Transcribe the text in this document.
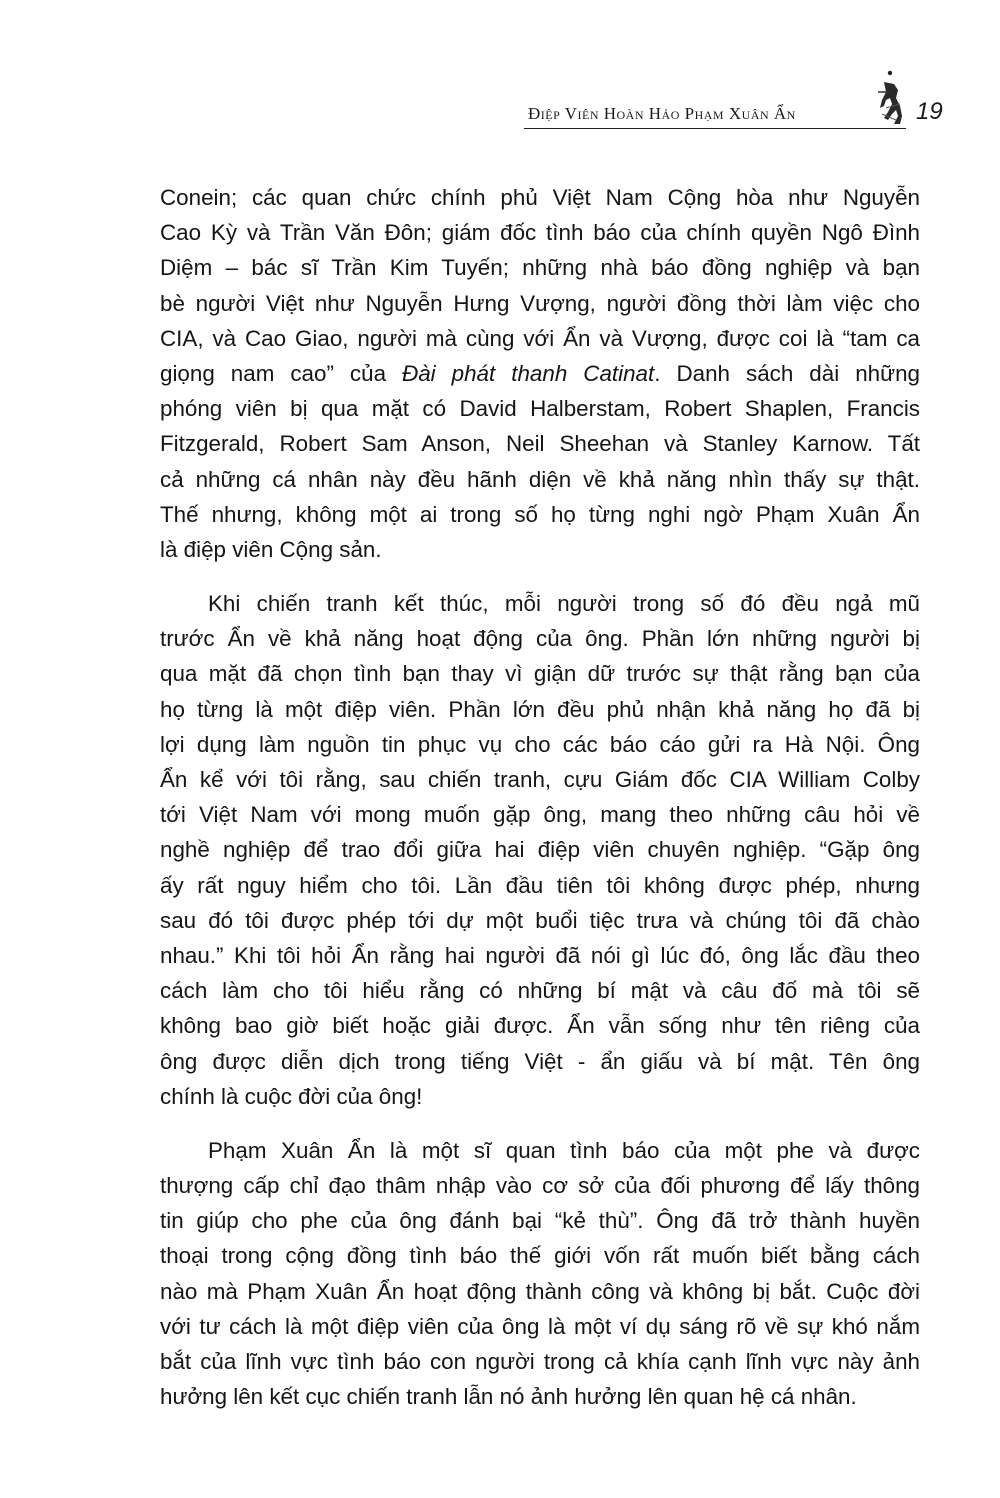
Điệp Viên Hoàn Hảo Phạm Xuân Ẩn	19
Conein; các quan chức chính phủ Việt Nam Cộng hòa như Nguyễn
Cao Kỳ và Trần Văn Đôn; giám đốc tình báo của chính quyền Ngô Đình
Diệm – bác sĩ Trần Kim Tuyến; những nhà báo đồng nghiệp và bạn
bè người Việt như Nguyễn Hưng Vượng, người đồng thời làm việc cho
CIA, và Cao Giao, người mà cùng với Ẩn và Vượng, được coi là “tam ca
giọng nam cao” của Đài phát thanh Catinat. Danh sách dài những
phóng viên bị qua mặt có David Halberstam, Robert Shaplen, Francis
Fitzgerald, Robert Sam Anson, Neil Sheehan và Stanley Karnow. Tất
cả những cá nhân này đều hãnh diện về khả năng nhìn thấy sự thật.
Thế nhưng, không một ai trong số họ từng nghi ngờ Phạm Xuân Ẩn
là điệp viên Cộng sản.
Khi chiến tranh kết thúc, mỗi người trong số đó đều ngả mũ
trước Ẩn về khả năng hoạt động của ông. Phần lớn những người bị
qua mặt đã chọn tình bạn thay vì giận dữ trước sự thật rằng bạn của
họ từng là một điệp viên. Phần lớn đều phủ nhận khả năng họ đã bị
lợi dụng làm nguồn tin phục vụ cho các báo cáo gửi ra Hà Nội. Ông
Ẩn kể với tôi rằng, sau chiến tranh, cựu Giám đốc CIA William Colby
tới Việt Nam với mong muốn gặp ông, mang theo những câu hỏi về
nghề nghiệp để trao đổi giữa hai điệp viên chuyên nghiệp. “Gặp ông
ấy rất nguy hiểm cho tôi. Lần đầu tiên tôi không được phép, nhưng
sau đó tôi được phép tới dự một buổi tiệc trưa và chúng tôi đã chào
nhau.” Khi tôi hỏi Ẩn rằng hai người đã nói gì lúc đó, ông lắc đầu theo
cách làm cho tôi hiểu rằng có những bí mật và câu đố mà tôi sẽ
không bao giờ biết hoặc giải được. Ẩn vẫn sống như tên riêng của
ông được diễn dịch trong tiếng Việt - ẩn giấu và bí mật. Tên ông
chính là cuộc đời của ông!
Phạm Xuân Ẩn là một sĩ quan tình báo của một phe và được
thượng cấp chỉ đạo thâm nhập vào cơ sở của đối phương để lấy thông
tin giúp cho phe của ông đánh bại “kẻ thù”. Ông đã trở thành huyền
thoại trong cộng đồng tình báo thế giới vốn rất muốn biết bằng cách
nào mà Phạm Xuân Ẩn hoạt động thành công và không bị bắt. Cuộc đời
với tư cách là một điệp viên của ông là một ví dụ sáng rõ về sự khó nắm
bắt của lĩnh vực tình báo con người trong cả khía cạnh lĩnh vực này ảnh
hưởng lên kết cục chiến tranh lẫn nó ảnh hưởng lên quan hệ cá nhân.
